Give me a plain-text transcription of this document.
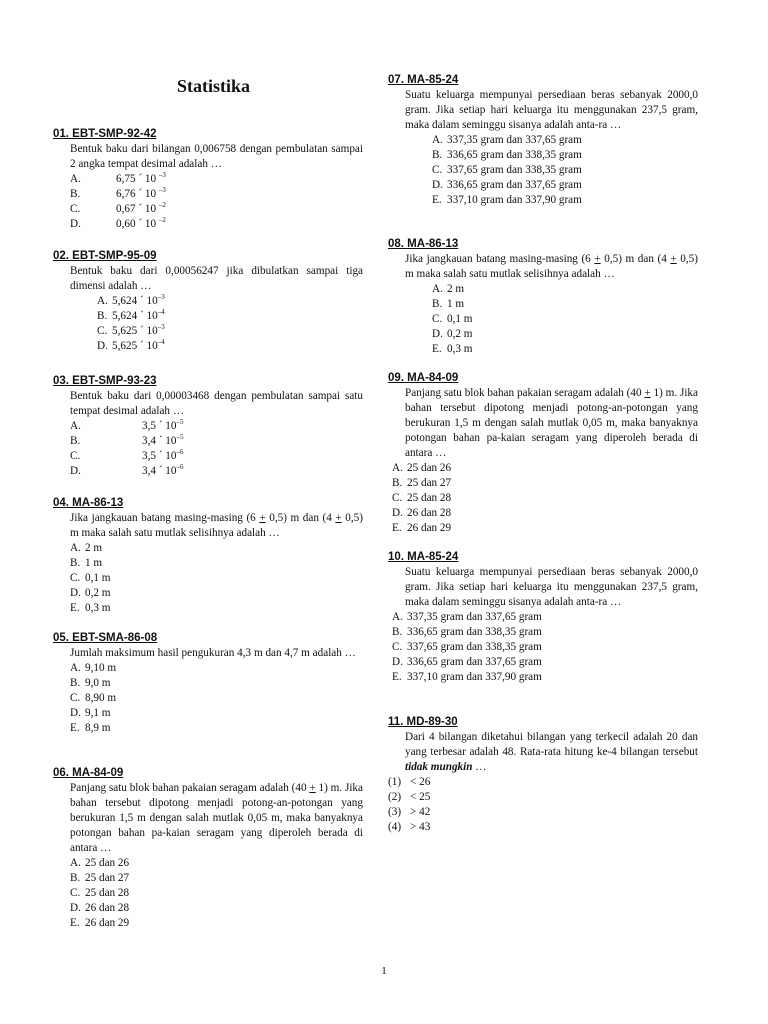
Statistika
01. EBT-SMP-92-42
Bentuk baku dari bilangan 0,006758 dengan pembulatan sampai 2 angka tempat desimal adalah …
A.	6,75 ´ 10 $^{-3}$
B.	6,76 ´ 10 $^{-3}$
C.	0,67 ´ 10 $^{-2}$
D.	0,60 ´ 10 $^{-2}$
02. EBT-SMP-95-09
Bentuk baku dari 0,00056247 jika dibulatkan sampai tiga dimensi adalah …
A. 5,624 ´ $10^{-3}$
B. 5,624 ´ $10^{-4}$
C. 5,625 ´ $10^{-3}$
D. 5,625 ´ $10^{-4}$
03. EBT-SMP-93-23
Bentuk baku dari 0,00003468 dengan pembulatan sampai satu tempat desimal adalah …
A.	3,5 ´ $10^{-5}$
B.	3,4 ´ $10^{-5}$
C.	3,5 ´ $10^{-6}$
D.	3,4 ´ $10^{-6}$
04. MA-86-13
Jika jangkauan batang masing-masing (6 + 0,5) m dan (4 + 0,5) m maka salah satu mutlak selisihnya adalah …
A. 2 m
B. 1 m
C. 0,1 m
D. 0,2 m
E. 0,3 m
05. EBT-SMA-86-08
Jumlah maksimum hasil pengukuran 4,3 m dan 4,7 m adalah …
A. 9,10 m
B. 9,0 m
C. 8,90 m
D. 9,1 m
E. 8,9 m
06. MA-84-09
Panjang satu blok bahan pakaian seragam adalah (40 + 1) m. Jika bahan tersebut dipotong menjadi potong-an-potongan yang berukuran 1,5 m dengan salah mutlak 0,05 m, maka banyaknya potongan bahan pa-kaian seragam yang diperoleh berada di antara …
A. 25 dan 26
B. 25 dan 27
C. 25 dan 28
D. 26 dan 28
E. 26 dan 29
07. MA-85-24
Suatu keluarga mempunyai persediaan beras sebanyak 2000,0 gram. Jika setiap hari keluarga itu menggunakan 237,5 gram, maka dalam seminggu sisanya adalah anta-ra …
A. 337,35 gram dan 337,65 gram
B. 336,65 gram dan 338,35 gram
C. 337,65 gram dan 338,35 gram
D. 336,65 gram dan 337,65 gram
E. 337,10 gram dan 337,90 gram
08. MA-86-13
Jika jangkauan batang masing-masing (6 + 0,5) m dan (4 + 0,5) m maka salah satu mutlak selisihnya adalah …
A. 2 m
B. 1 m
C. 0,1 m
D. 0,2 m
E. 0,3 m
09. MA-84-09
Panjang satu blok bahan pakaian seragam adalah (40 + 1) m. Jika bahan tersebut dipotong menjadi potong-an-potongan yang berukuran 1,5 m dengan salah mutlak 0,05 m, maka banyaknya potongan bahan pa-kaian seragam yang diperoleh berada di antara …
A. 25 dan 26
B. 25 dan 27
C. 25 dan 28
D. 26 dan 28
E. 26 dan 29
10. MA-85-24
Suatu keluarga mempunyai persediaan beras sebanyak 2000,0 gram. Jika setiap hari keluarga itu menggunakan 237,5 gram, maka dalam seminggu sisanya adalah anta-ra …
A. 337,35 gram dan 337,65 gram
B. 336,65 gram dan 338,35 gram
C. 337,65 gram dan 338,35 gram
D. 336,65 gram dan 337,65 gram
E. 337,10 gram dan 337,90 gram
11. MD-89-30
Dari 4 bilangan diketahui bilangan yang terkecil adalah 20 dan yang terbesar adalah 48. Rata-rata hitung ke-4 bilangan tersebut tidak mungkin …
(1) < 26
(2) < 25
(3) > 42
(4) > 43
1
